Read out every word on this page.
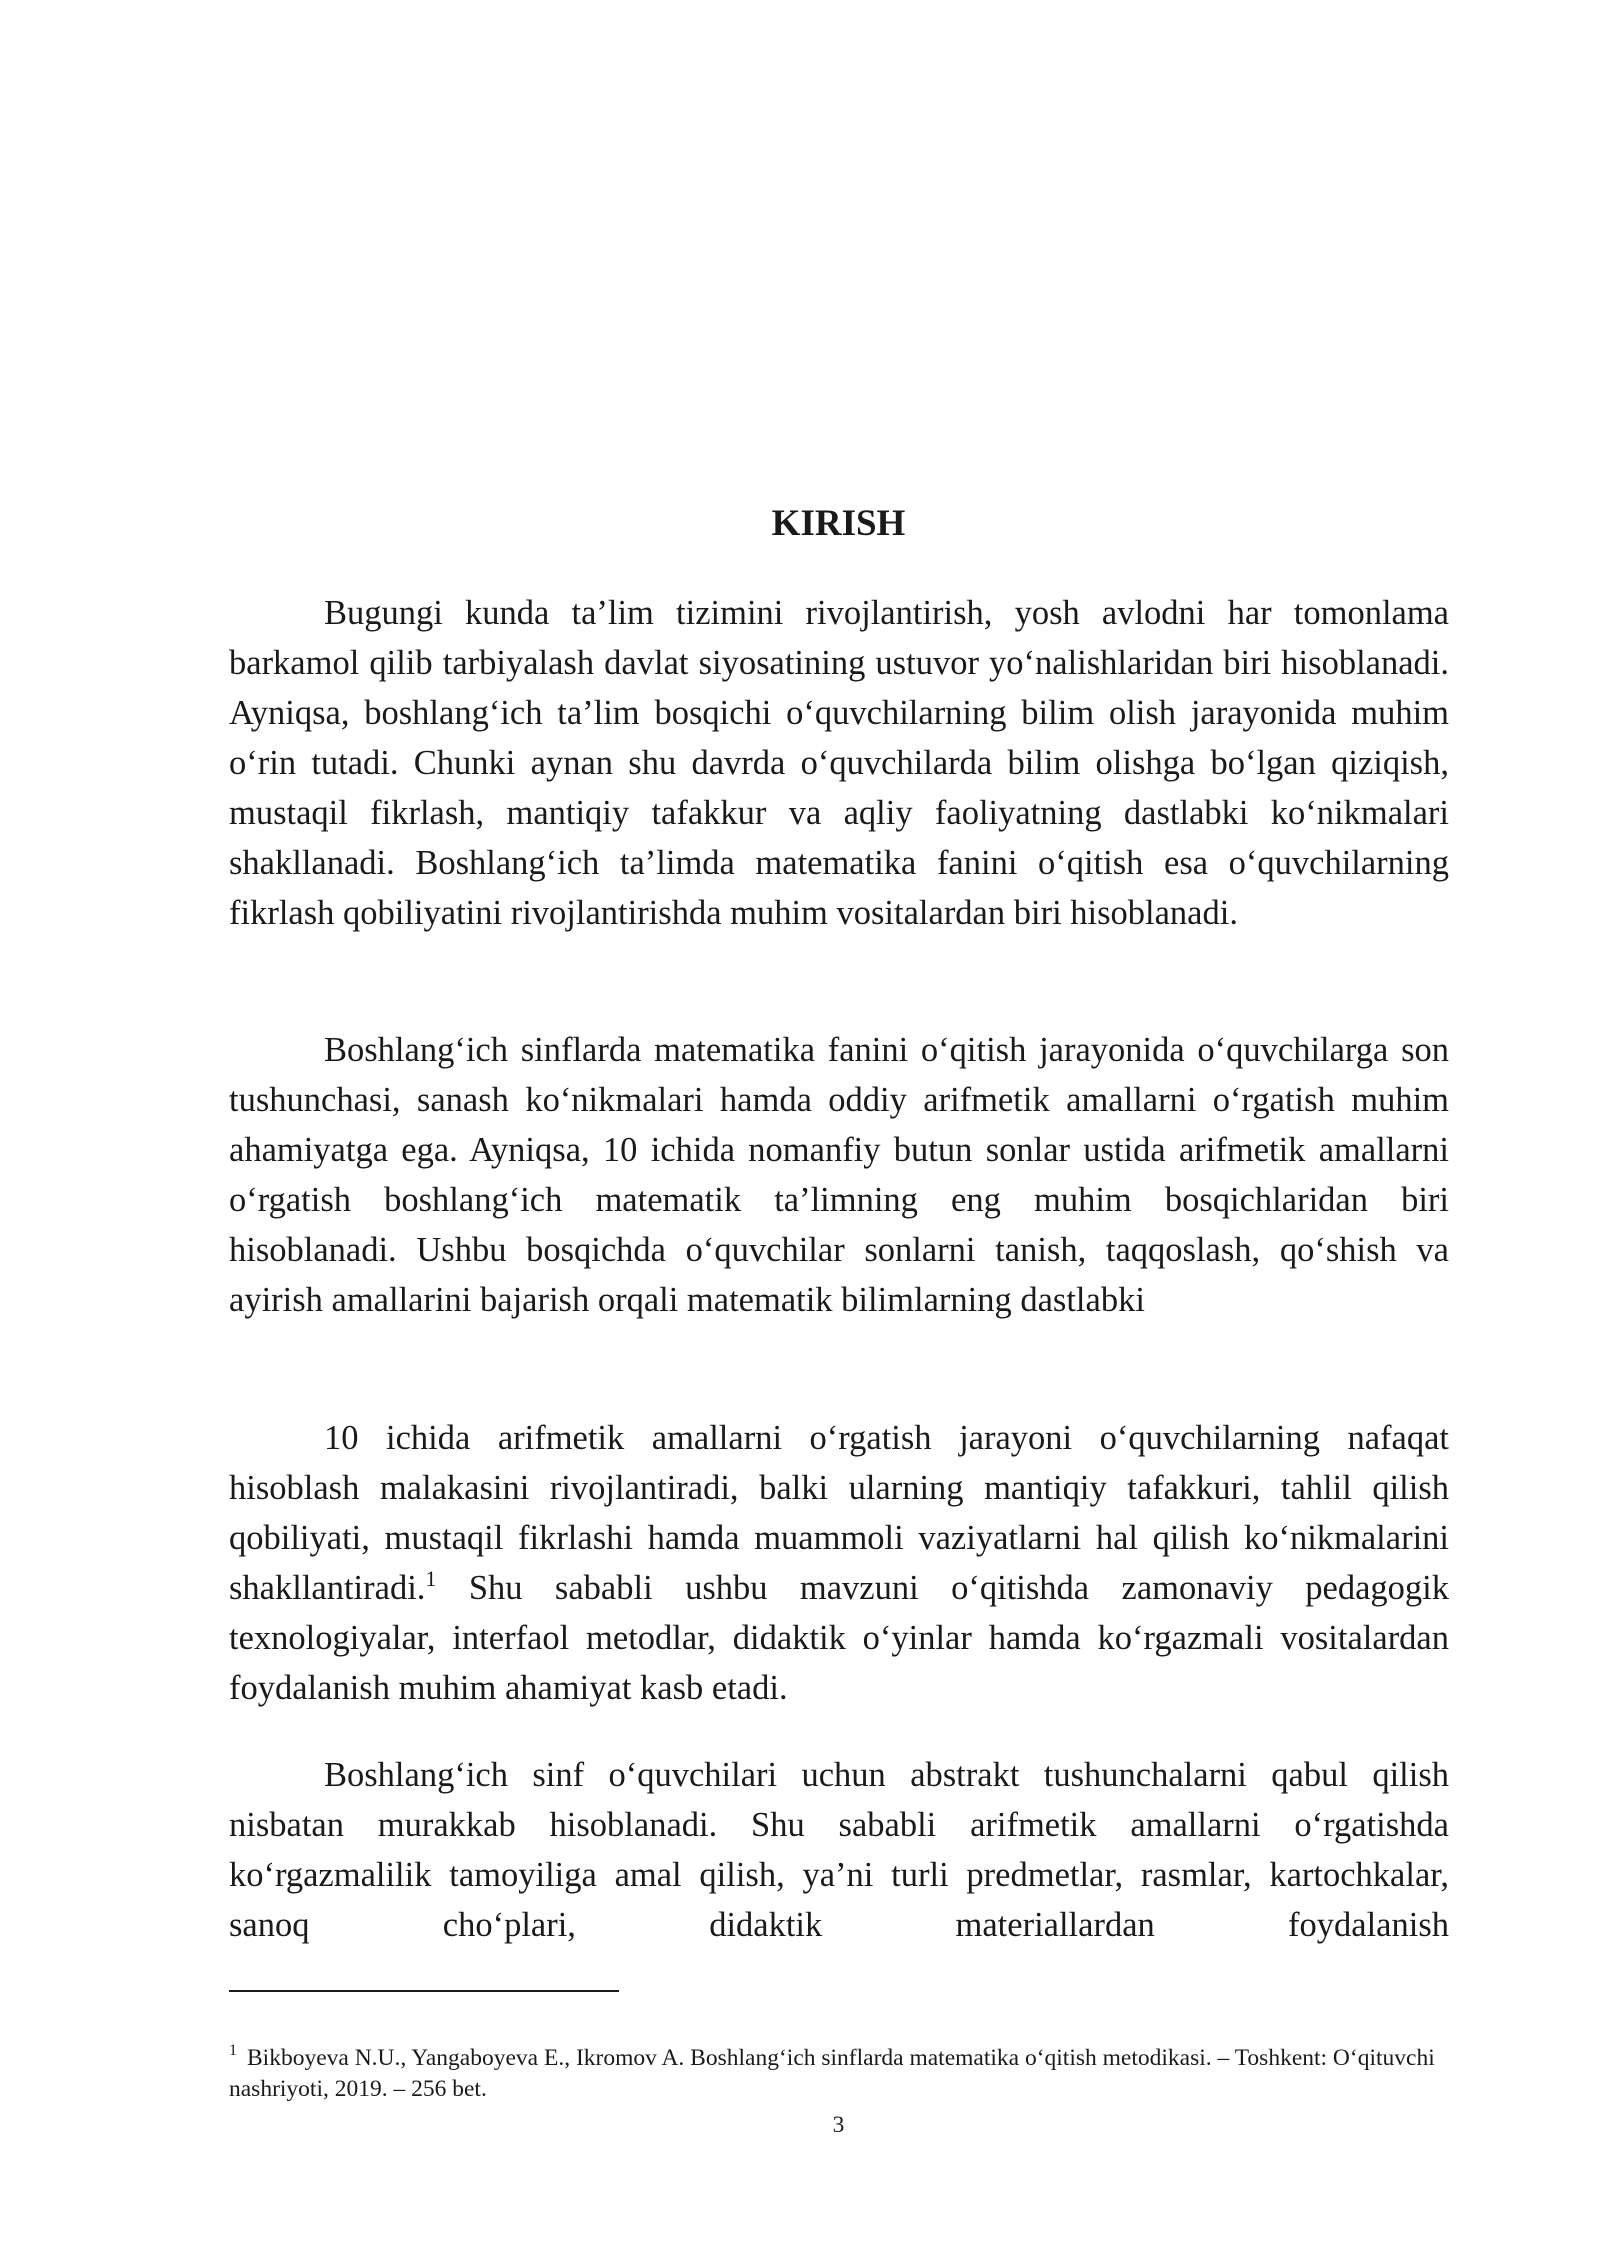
KIRISH

Bugungi kunda ta’lim tizimini rivojlantirish, yosh avlodni har tomonlama barkamol qilib tarbiyalash davlat siyosatining ustuvor yo‘nalishlaridan biri hisoblanadi. Ayniqsa, boshlang‘ich ta’lim bosqichi o‘quvchilarning bilim olish jarayonida muhim o‘rin tutadi. Chunki aynan shu davrda o‘quvchilarda bilim olishga bo‘lgan qiziqish, mustaqil fikrlash, mantiqiy tafakkur va aqliy faoliyatning dastlabki ko‘nikmalari shakllanadi. Boshlang‘ich ta’limda matematika fanini o‘qitish esa o‘quvchilarning fikrlash qobiliyatini rivojlantirishda muhim vositalardan biri hisoblanadi.

Boshlang‘ich sinflarda matematika fanini o‘qitish jarayonida o‘quvchilarga son tushunchasi, sanash ko‘nikmalari hamda oddiy arifmetik amallarni o‘rgatish muhim ahamiyatga ega. Ayniqsa, 10 ichida nomanfiy butun sonlar ustida arifmetik amallarni o‘rgatish boshlang‘ich matematik ta’limning eng muhim bosqichlaridan biri hisoblanadi. Ushbu bosqichda o‘quvchilar sonlarni tanish, taqqoslash, qo‘shish va ayirish amallarini bajarish orqali matematik bilimlarning dastlabki

10 ichida arifmetik amallarni o‘rgatish jarayoni o‘quvchilarning nafaqat hisoblash malakasini rivojlantiradi, balki ularning mantiqiy tafakkuri, tahlil qilish qobiliyati, mustaqil fikrlashi hamda muammoli vaziyatlarni hal qilish ko‘nikmalarini shakllantiradi.$^1$ Shu sababli ushbu mavzuni o‘qitishda zamonaviy pedagogik texnologiyalar, interfaol metodlar, didaktik o‘yinlar hamda ko‘rgazmali vositalardan foydalanish muhim ahamiyat kasb etadi.

Boshlang‘ich sinf o‘quvchilari uchun abstrakt tushunchalarni qabul qilish nisbatan murakkab hisoblanadi. Shu sababli arifmetik amallarni o‘rgatishda ko‘rgazmalilik tamoyiliga amal qilish, ya’ni turli predmetlar, rasmlar, kartochkalar, sanoq cho‘plari, didaktik materiallardan foydalanish

$^1$ Bikboyeva N.U., Yangaboyeva E., Ikromov A. Boshlang‘ich sinflarda matematika o‘qitish metodikasi. – Toshkent: O‘qituvchi nashriyoti, 2019. – 256 bet.

3
